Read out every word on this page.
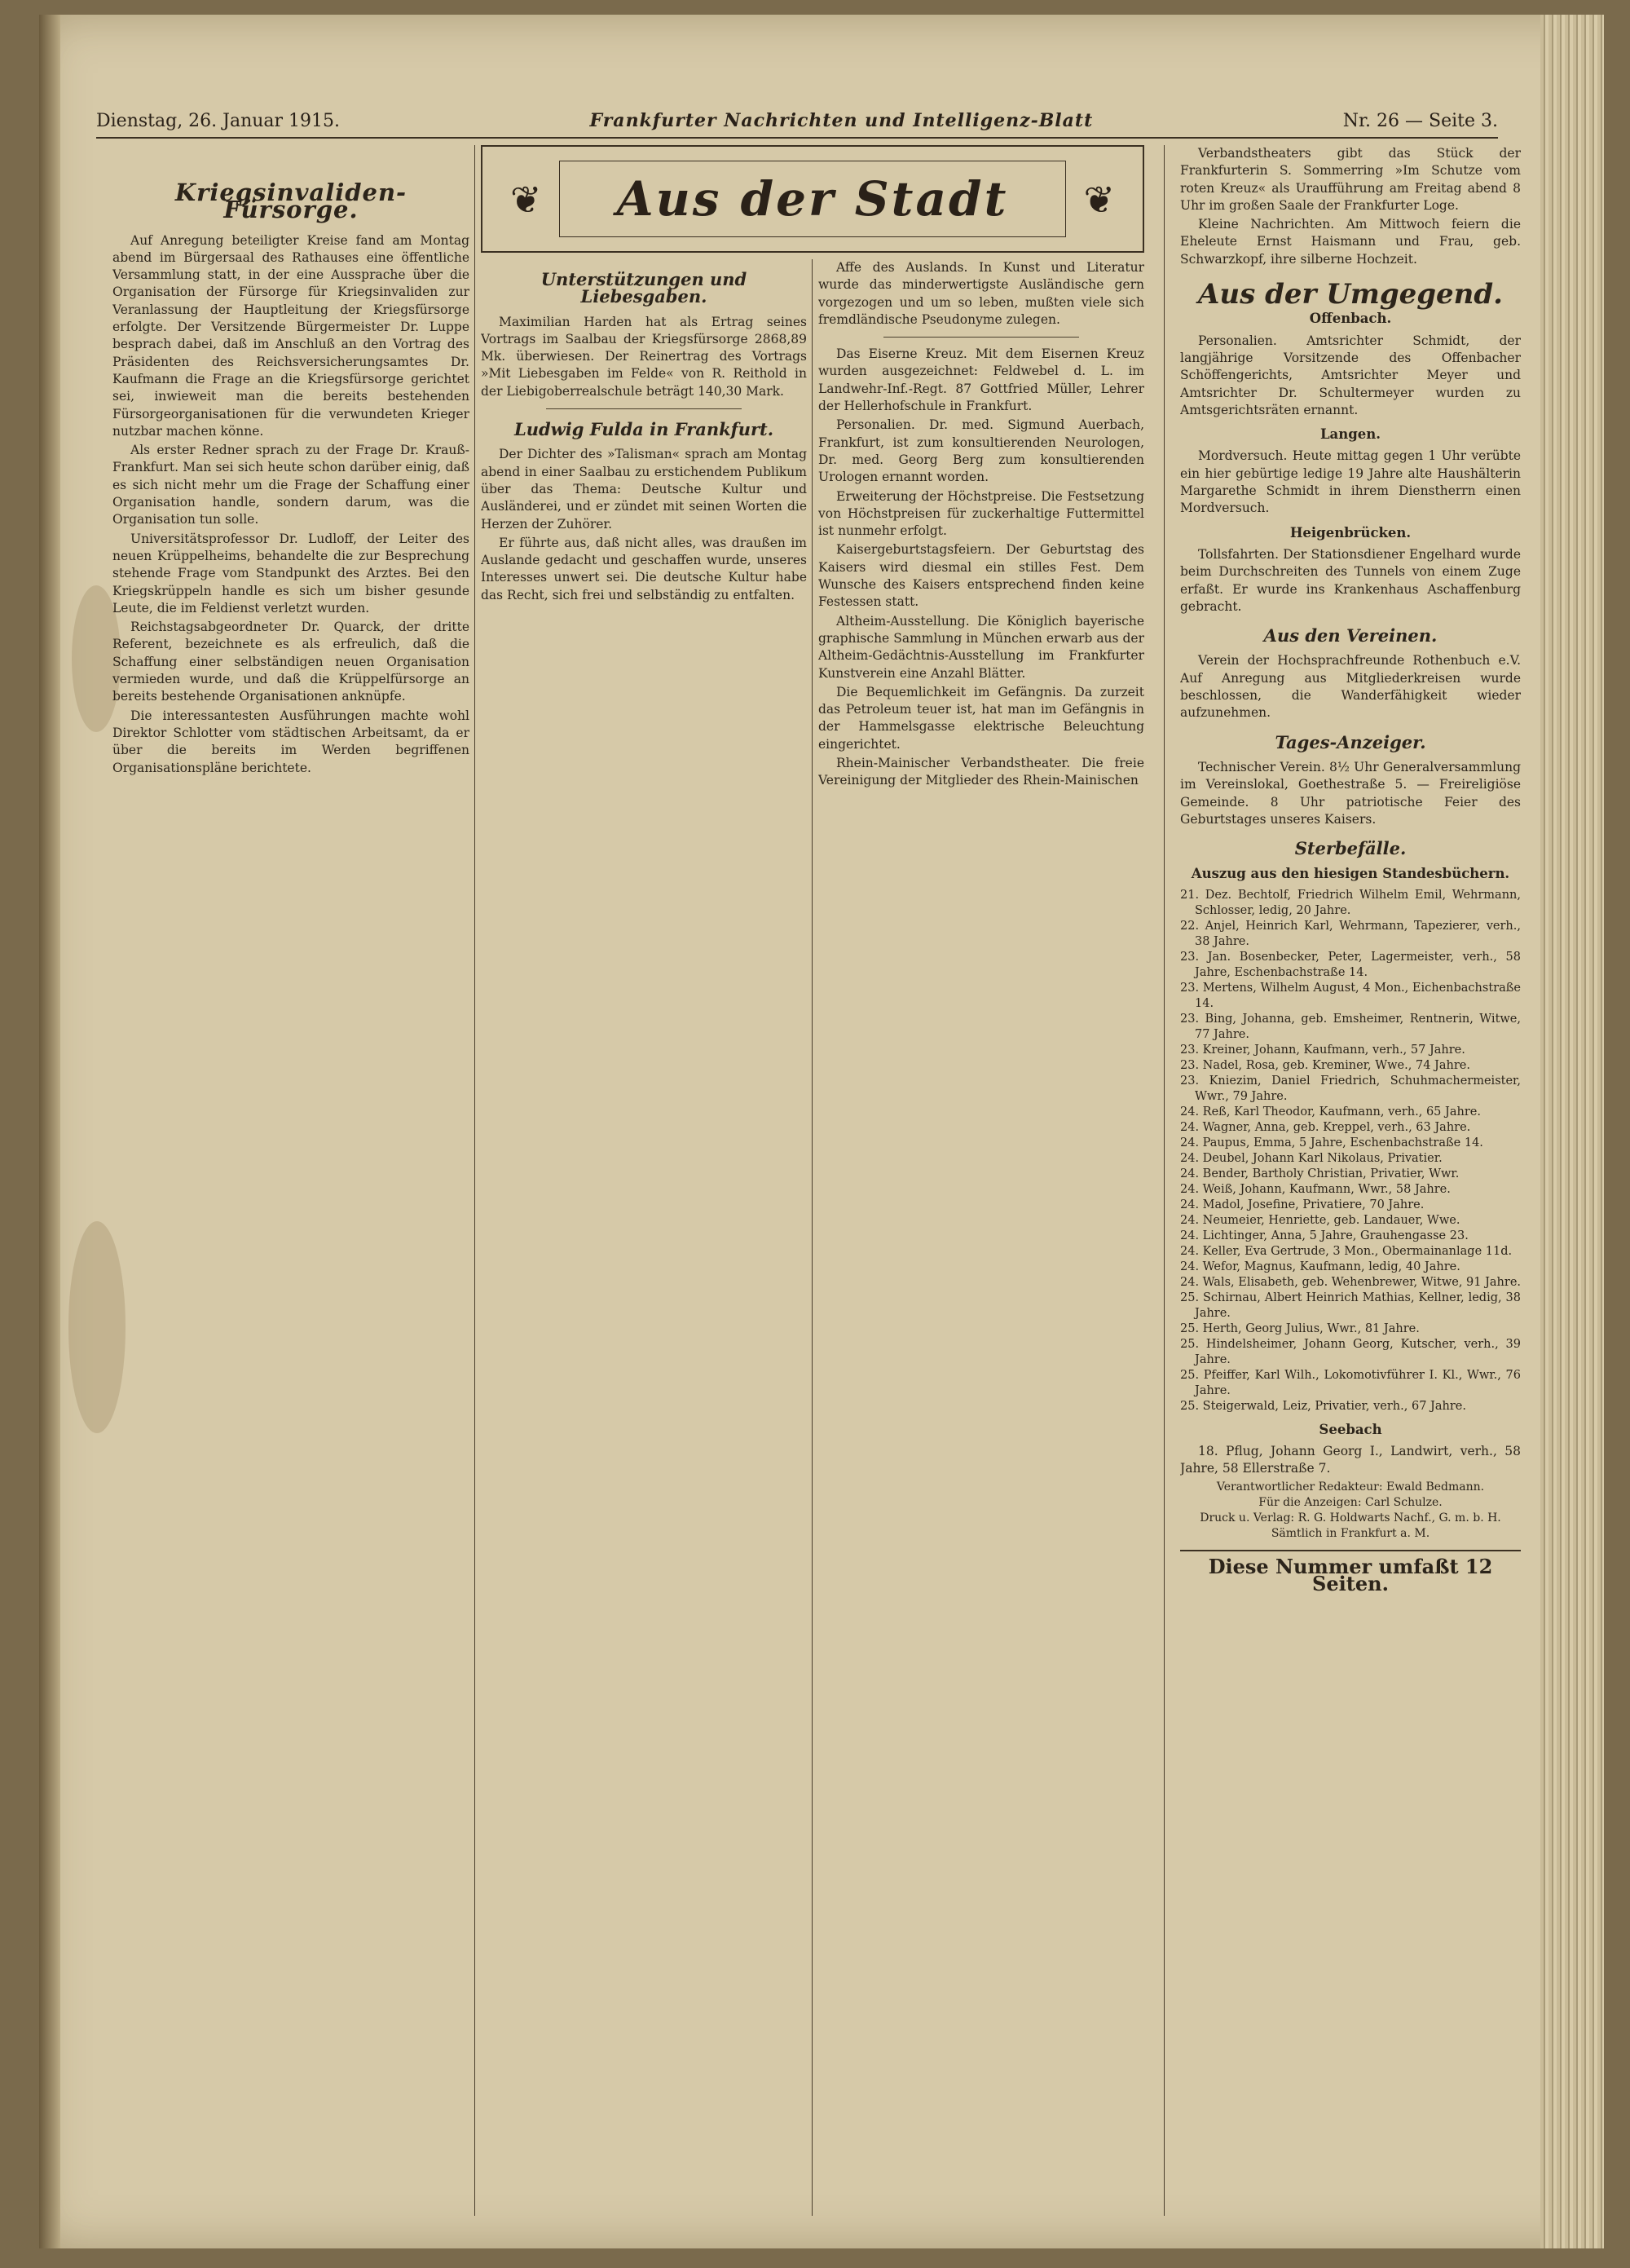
Dienstag, 26. Januar 1915.	Frankfurter Nachrichten und Intelligenz-Blatt	Nr. 26 — Seite 3.
Kriegsinvaliden-Fürsorge.

Auf Anregung beteiligter Kreise fand am Montag abend im Bürgersaal des Rathauses eine öffentliche Versammlung statt, in der eine Aussprache über die Organisation der Fürsorge für Kriegsinvaliden zur Veranlassung der Hauptleitung der Kriegsfürsorge erfolgte. Der Versitzende Bürgermeister Dr. Luppe besprach dabei, daß im Anschluß an den Vortrag des Präsidenten des Reichsversicherungsamtes Dr. Kaufmann die Frage an die Kriegsfürsorge gerichtet sei, inwieweit man die bereits bestehenden Fürsorgeorganisationen für die verwundeten Krieger nutzbar machen könne.

Als erster Redner sprach zu der Frage Dr. Krauß-Frankfurt. Man sei sich heute schon darüber einig, daß es sich nicht mehr um die Frage der Schaffung einer Organisation handle, sondern darum, was die Organisation tun solle.

Universitätsprofessor Dr. Ludloff, der Leiter des neuen Krüppelheims, behandelte die zur Besprechung stehende Frage vom Standpunkt des Arztes. Bei den Kriegskrüppeln handle es sich um bisher gesunde Leute, die im Feldienst verletzt wurden.

Reichstagsabgeordneter Dr. Quarck, der dritte Referent, bezeichnete es als erfreulich, daß die Schaffung einer selbständigen neuen Organisation vermieden wurde, und daß die Krüppelfürsorge an bereits bestehende Organisationen anknüpfe.

Die interessantesten Ausführungen machte wohl Direktor Schlotter vom städtischen Arbeitsamt, da er über die bereits im Werden begriffenen Organisationspläne berichtete.

❦	Aus der Stadt	❦
Unterstützungen und Liebesgaben.

Maximilian Harden hat als Ertrag seines Vortrags im Saalbau der Kriegsfürsorge 2868,89 Mk. überwiesen. Der Reinertrag des Vortrags »Mit Liebesgaben im Felde« von R. Reithold in der Liebigoberrealschule beträgt 140,30 Mark.

Ludwig Fulda in Frankfurt.

Der Dichter des »Talisman« sprach am Montag abend in einer Saalbau zu erstichendem Publikum über das Thema: Deutsche Kultur und Ausländerei, und er zündet mit seinen Worten die Herzen der Zuhörer.

Er führte aus, daß nicht alles, was draußen im Auslande gedacht und geschaffen wurde, unseres Interesses unwert sei. Die deutsche Kultur habe das Recht, sich frei und selbständig zu entfalten.

Affe des Auslands. In Kunst und Literatur wurde das minderwertigste Ausländische gern vorgezogen und um so leben, mußten viele sich fremdländische Pseudonyme zulegen.

Das Eiserne Kreuz. Mit dem Eisernen Kreuz wurden ausgezeichnet: Feldwebel d. L. im Landwehr-Inf.-Regt. 87 Gottfried Müller, Lehrer der Hellerhofschule in Frankfurt.

Personalien. Dr. med. Sigmund Auerbach, Frankfurt, ist zum konsultierenden Neurologen, Dr. med. Georg Berg zum konsultierenden Urologen ernannt worden.

Erweiterung der Höchstpreise. Die Festsetzung von Höchstpreisen für zuckerhaltige Futtermittel ist nunmehr erfolgt.

Kaisergeburtstagsfeiern. Der Geburtstag des Kaisers wird diesmal ein stilles Fest. Dem Wunsche des Kaisers entsprechend finden keine Festessen statt.

Altheim-Ausstellung. Die Königlich bayerische graphische Sammlung in München erwarb aus der Altheim-Gedächtnis-Ausstellung im Frankfurter Kunstverein eine Anzahl Blätter.

Die Bequemlichkeit im Gefängnis. Da zurzeit das Petroleum teuer ist, hat man im Gefängnis in der Hammelsgasse elektrische Beleuchtung eingerichtet.

Rhein-Mainischer Verbandstheater. Die freie Vereinigung der Mitglieder des Rhein-Mainischen

Verbandstheaters gibt das Stück der Frankfurterin S. Sommerring »Im Schutze vom roten Kreuz« als Uraufführung am Freitag abend 8 Uhr im großen Saale der Frankfurter Loge.

Kleine Nachrichten. Am Mittwoch feiern die Eheleute Ernst Haismann und Frau, geb. Schwarzkopf, ihre silberne Hochzeit.

Aus der Umgegend.
Offenbach.

Personalien. Amtsrichter Schmidt, der langjährige Vorsitzende des Offenbacher Schöffengerichts, Amtsrichter Meyer und Amtsrichter Dr. Schultermeyer wurden zu Amtsgerichtsräten ernannt.

Langen.

Mordversuch. Heute mittag gegen 1 Uhr verübte ein hier gebürtige ledige 19 Jahre alte Haushälterin Margarethe Schmidt in ihrem Dienstherrn einen Mordversuch.

Heigenbrücken.

Tollsfahrten. Der Stationsdiener Engelhard wurde beim Durchschreiten des Tunnels von einem Zuge erfaßt. Er wurde ins Krankenhaus Aschaffenburg gebracht.

Aus den Vereinen.

Verein der Hochsprachfreunde Rothenbuch e.V. Auf Anregung aus Mitgliederkreisen wurde beschlossen, die Wanderfähigkeit wieder aufzunehmen.

Tages-Anzeiger.

Technischer Verein. 8½ Uhr Generalversammlung im Vereinslokal, Goethestraße 5. — Freireligiöse Gemeinde. 8 Uhr patriotische Feier des Geburtstages unseres Kaisers.

Sterbefälle.
Auszug aus den hiesigen Standesbüchern.
21. Dez. Bechtolf, Friedrich Wilhelm Emil, Wehrmann, Schlosser, ledig, 20 Jahre.
22. Anjel, Heinrich Karl, Wehrmann, Tapezierer, verh., 38 Jahre.
23. Jan. Bosenbecker, Peter, Lagermeister, verh., 58 Jahre, Eschenbachstraße 14.
23. Mertens, Wilhelm August, 4 Mon., Eichenbachstraße 14.
23. Bing, Johanna, geb. Emsheimer, Rentnerin, Witwe, 77 Jahre.
23. Kreiner, Johann, Kaufmann, verh., 57 Jahre.
23. Nadel, Rosa, geb. Kreminer, Wwe., 74 Jahre.
23. Kniezim, Daniel Friedrich, Schuhmachermeister, Wwr., 79 Jahre.
24. Reß, Karl Theodor, Kaufmann, verh., 65 Jahre.
24. Wagner, Anna, geb. Kreppel, verh., 63 Jahre.
24. Paupus, Emma, 5 Jahre, Eschenbachstraße 14.
24. Deubel, Johann Karl Nikolaus, Privatier.
24. Bender, Bartholy Christian, Privatier, Wwr.
24. Weiß, Johann, Kaufmann, Wwr., 58 Jahre.
24. Madol, Josefine, Privatiere, 70 Jahre.
24. Neumeier, Henriette, geb. Landauer, Wwe.
24. Lichtinger, Anna, 5 Jahre, Grauhengasse 23.
24. Keller, Eva Gertrude, 3 Mon., Obermainanlage 11d.
24. Wefor, Magnus, Kaufmann, ledig, 40 Jahre.
24. Wals, Elisabeth, geb. Wehenbrewer, Witwe, 91 Jahre.
25. Schirnau, Albert Heinrich Mathias, Kellner, ledig, 38 Jahre.
25. Herth, Georg Julius, Wwr., 81 Jahre.
25. Hindelsheimer, Johann Georg, Kutscher, verh., 39 Jahre.
25. Pfeiffer, Karl Wilh., Lokomotivführer I. Kl., Wwr., 76 Jahre.
25. Steigerwald, Leiz, Privatier, verh., 67 Jahre.
Seebach

18. Pflug, Johann Georg I., Landwirt, verh., 58 Jahre, 58 Ellerstraße 7.

Verantwortlicher Redakteur: Ewald Bedmann.
Für die Anzeigen: Carl Schulze.
Druck u. Verlag: R. G. Holdwarts Nachf., G. m. b. H. Sämtlich in Frankfurt a. M.
Diese Nummer umfaßt 12 Seiten.
